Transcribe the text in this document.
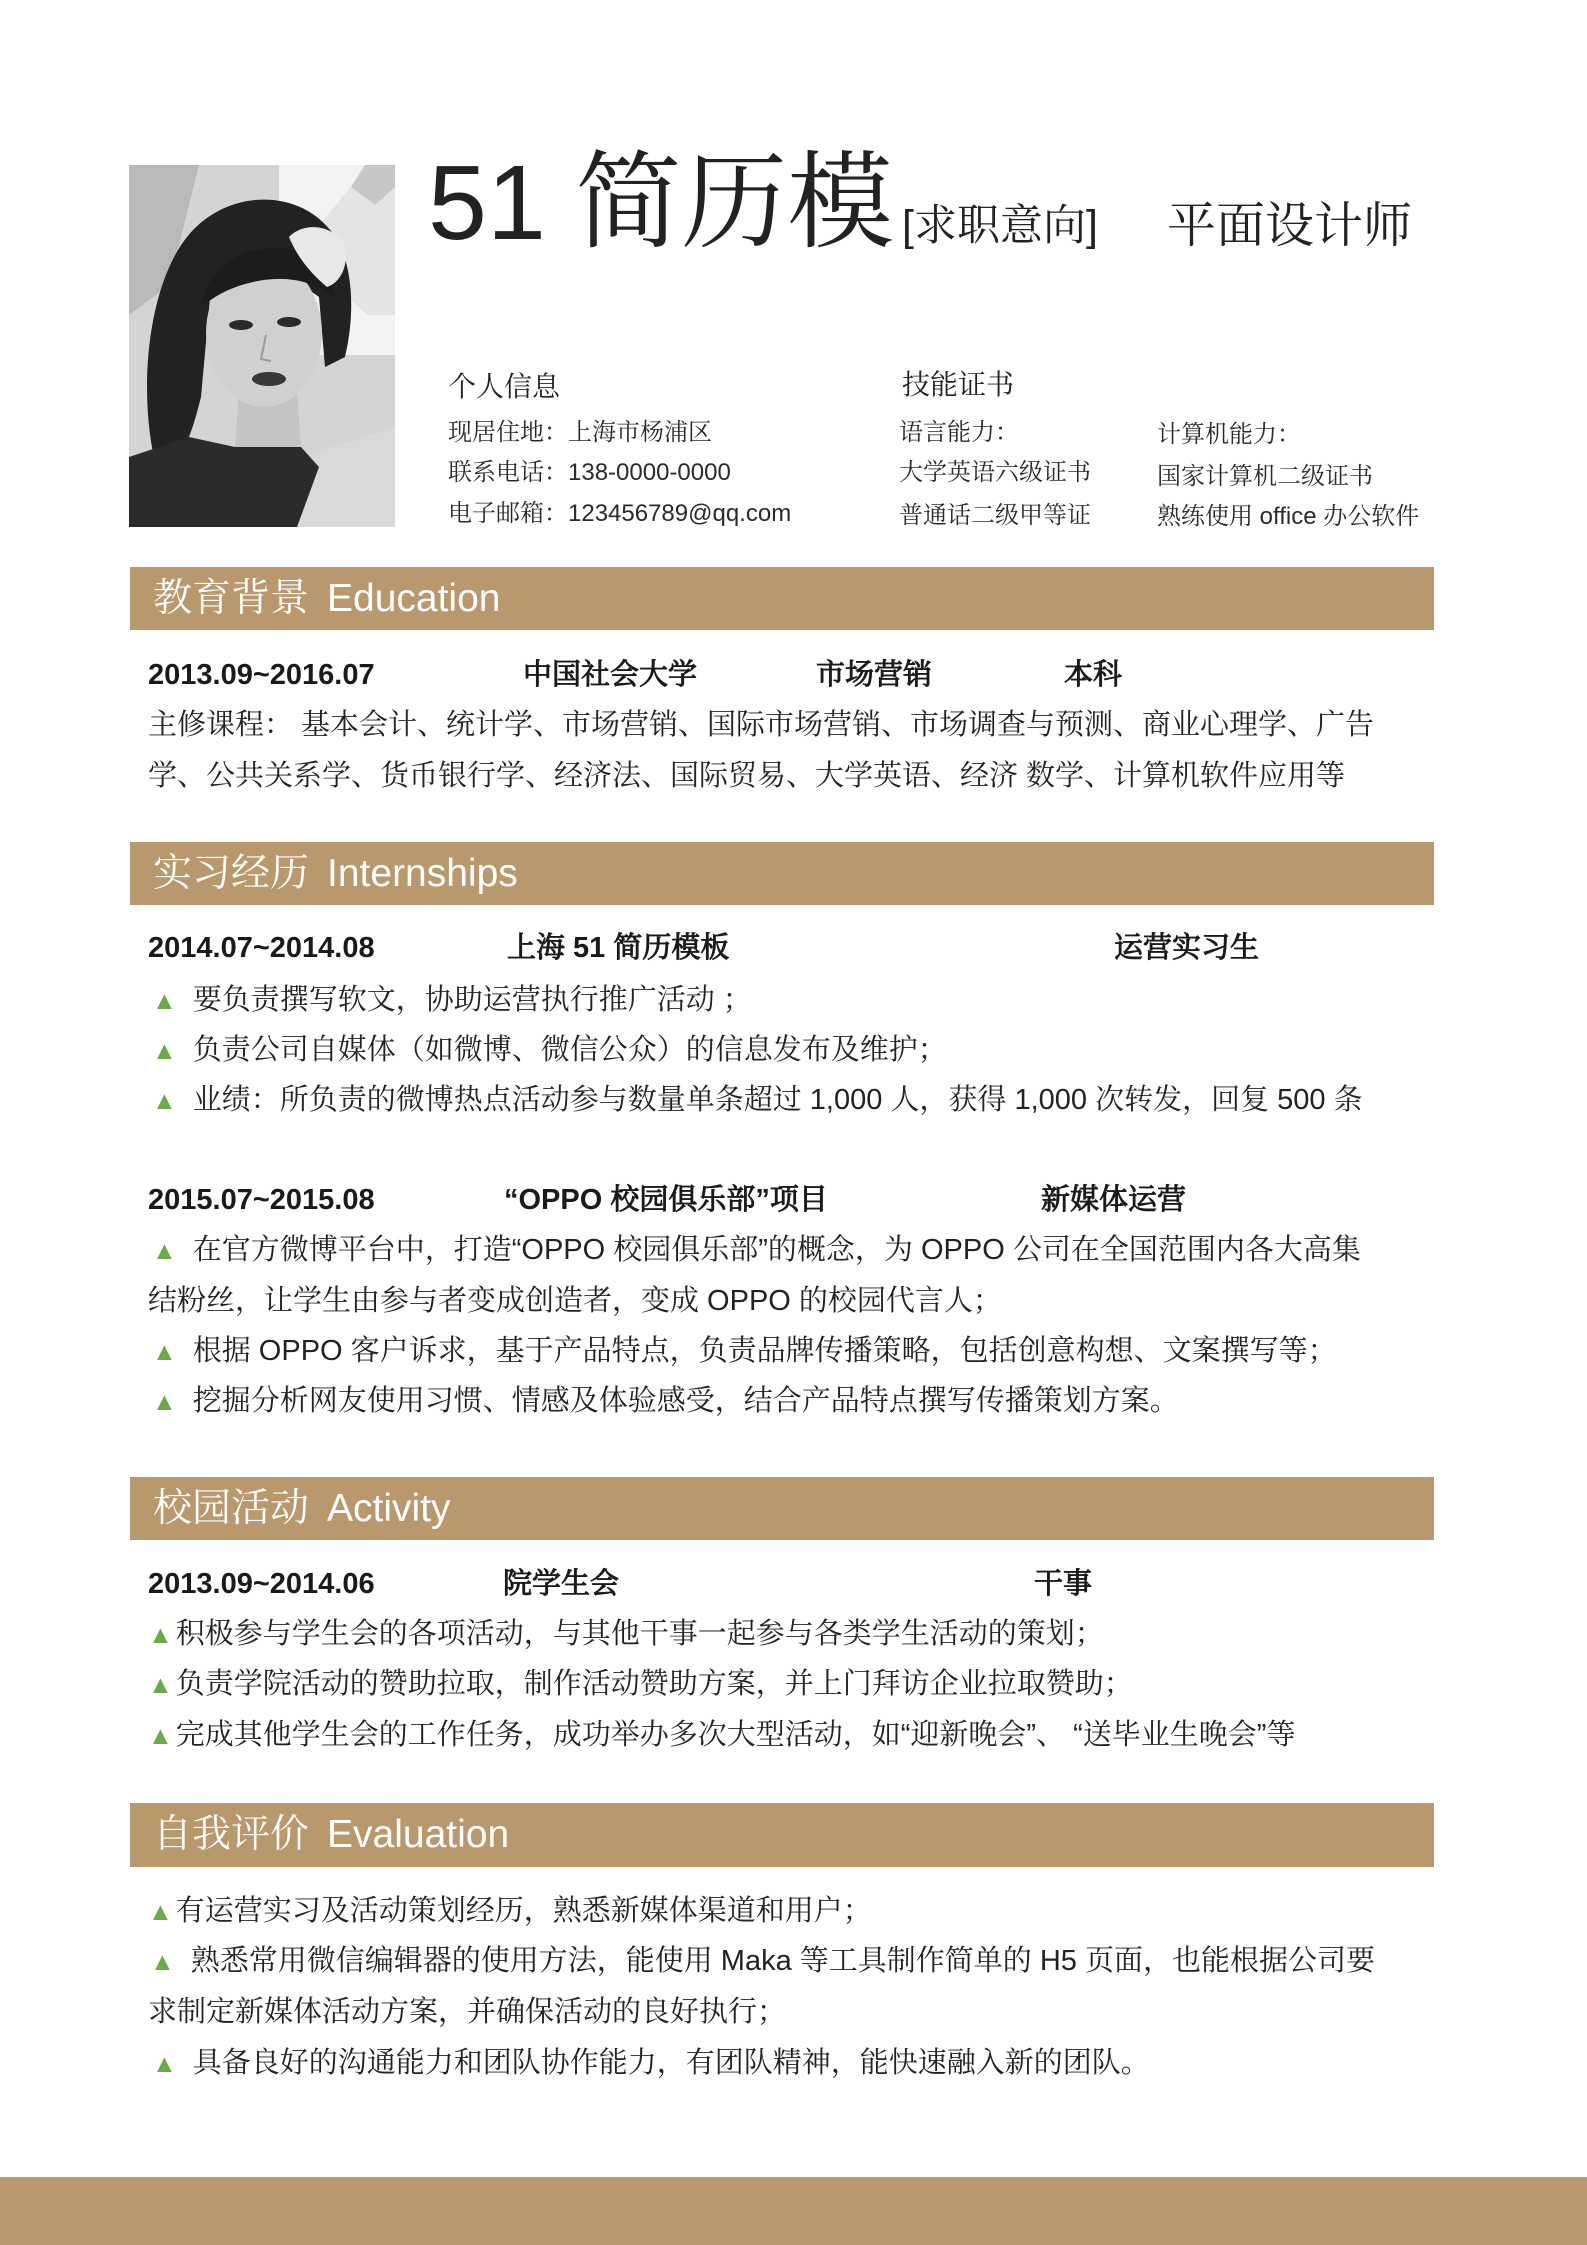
51 简历模 [求职意向] 平面设计师
个人信息
现居住地：上海市杨浦区
联系电话：138-0000-0000
电子邮箱：123456789@qq.com
技能证书
语言能力：
大学英语六级证书
普通话二级甲等证
计算机能力：
国家计算机二级证书
熟练使用 office 办公软件
教育背景 Education
2013.09~2016.07	中国社会大学	市场营销	本科
主修课程： 基本会计、统计学、市场营销、国际市场营销、市场调查与预测、商业心理学、广告
学、公共关系学、货币银行学、经济法、国际贸易、大学英语、经济 数学、计算机软件应用等
实习经历 Internships
2014.07~2014.08	上海 51 简历模板	运营实习生
▲ 要负责撰写软文，协助运营执行推广活动 ；
▲ 负责公司自媒体（如微博、微信公众）的信息发布及维护；
▲ 业绩：所负责的微博热点活动参与数量单条超过 1,000 人，获得 1,000 次转发，回复 500 条
2015.07~2015.08	“OPPO 校园俱乐部”项目	新媒体运营
▲ 在官方微博平台中，打造“OPPO 校园俱乐部”的概念，为 OPPO 公司在全国范围内各大高集
结粉丝，让学生由参与者变成创造者，变成 OPPO 的校园代言人；
▲ 根据 OPPO 客户诉求，基于产品特点，负责品牌传播策略，包括创意构想、文案撰写等；
▲ 挖掘分析网友使用习惯、情感及体验感受，结合产品特点撰写传播策划方案。
校园活动 Activity
2013.09~2014.06	院学生会	干事
▲ 积极参与学生会的各项活动，与其他干事一起参与各类学生活动的策划；
▲ 负责学院活动的赞助拉取，制作活动赞助方案，并上门拜访企业拉取赞助；
▲ 完成其他学生会的工作任务，成功举办多次大型活动，如“迎新晚会”、 “送毕业生晚会”等
自我评价 Evaluation
▲ 有运营实习及活动策划经历，熟悉新媒体渠道和用户；
▲ 熟悉常用微信编辑器的使用方法，能使用 Maka 等工具制作简单的 H5 页面，也能根据公司要
求制定新媒体活动方案，并确保活动的良好执行；
▲ 具备良好的沟通能力和团队协作能力，有团队精神，能快速融入新的团队。
